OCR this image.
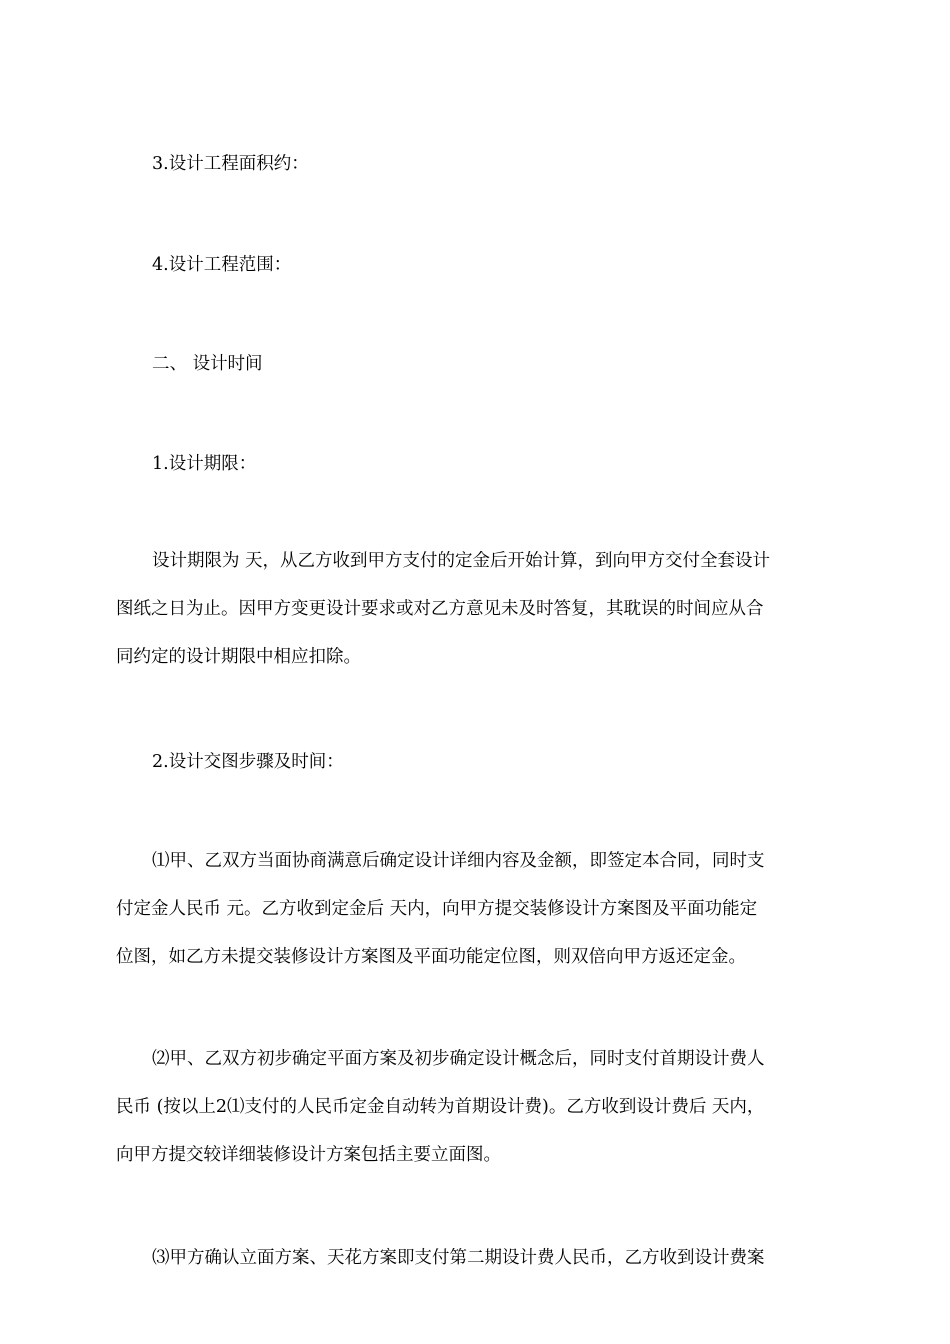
3.设计工程面积约：

4.设计工程范围：

二、 设计时间

1.设计期限：

设计期限为 天，从乙方收到甲方支付的定金后开始计算，到向甲方交付全套设计
图纸之日为止。因甲方变更设计要求或对乙方意见未及时答复，其耽误的时间应从合
同约定的设计期限中相应扣除。

2.设计交图步骤及时间：

⑴甲、乙双方当面协商满意后确定设计详细内容及金额，即签定本合同，同时支
付定金人民币 元。乙方收到定金后 天内，向甲方提交装修设计方案图及平面功能定
位图，如乙方未提交装修设计方案图及平面功能定位图，则双倍向甲方返还定金。
⑵甲、乙双方初步确定平面方案及初步确定设计概念后，同时支付首期设计费人
民币 (按以上2⑴支付的人民币定金自动转为首期设计费)。乙方收到设计费后 天内，
向甲方提交较详细装修设计方案包括主要立面图。
⑶甲方确认立面方案、天花方案即支付第二期设计费人民币，乙方收到设计费案
